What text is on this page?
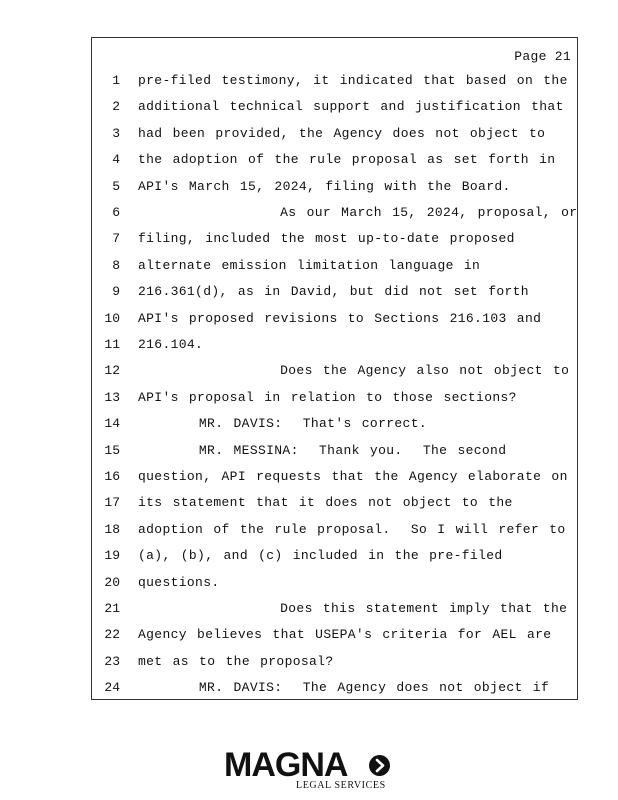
Page 21
1 pre-filed testimony, it indicated that based on the
2 additional technical support and justification that
3 had been provided, the Agency does not object to
4 the adoption of the rule proposal as set forth in
5 API's March 15, 2024, filing with the Board.
6 As our March 15, 2024, proposal, or
7 filing, included the most up-to-date proposed
8 alternate emission limitation language in
9 216.361(d), as in David, but did not set forth
10 API's proposed revisions to Sections 216.103 and
11 216.104.
12 Does the Agency also not object to
13 API's proposal in relation to those sections?
14 MR. DAVIS:  That's correct.
15 MR. MESSINA:  Thank you.  The second
16 question, API requests that the Agency elaborate on
17 its statement that it does not object to the
18 adoption of the rule proposal.  So I will refer to
19 (a), (b), and (c) included in the pre-filed
20 questions.
21 Does this statement imply that the
22 Agency believes that USEPA's criteria for AEL are
23 met as to the proposal?
24 MR. DAVIS:  The Agency does not object if
MAGNA
LEGAL SERVICES
